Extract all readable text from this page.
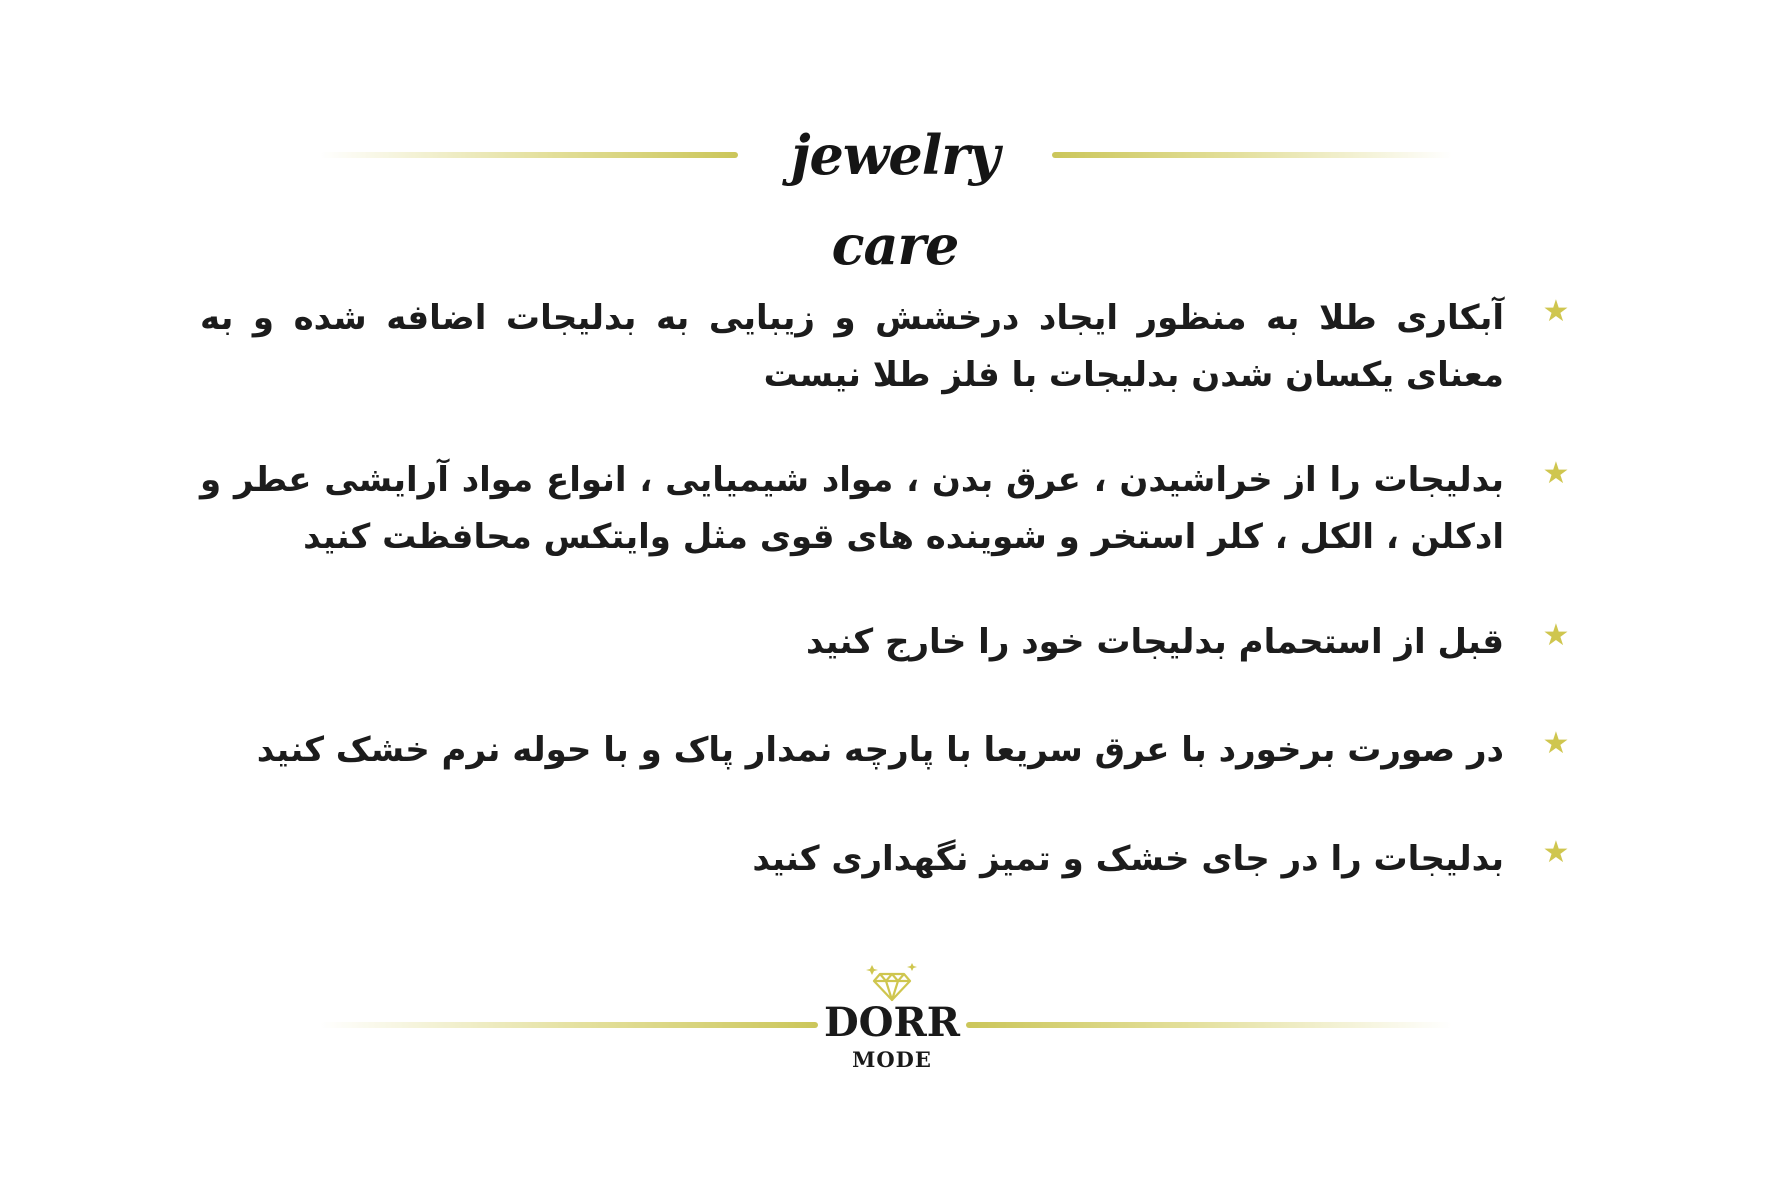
jewelry care
★
آبکاری طلا به منظور ایجاد درخشش و زیبایی به بدلیجات اضافه شده و به معنای یکسان شدن بدلیجات با فلز طلا نیست
★
بدلیجات را از خراشیدن ، عرق بدن ، مواد شیمیایی ، انواع مواد آرایشی عطر و ادکلن ، الکل ، کلر استخر و شوینده های قوی مثل وایتکس محافظت کنید
★
قبل از استحمام بدلیجات خود را خارج کنید
★
در صورت برخورد با عرق سریعا با پارچه نمدار پاک و با حوله نرم خشک کنید
★
بدلیجات را در جای خشک و تمیز نگهداری کنید
DORR
MODE
